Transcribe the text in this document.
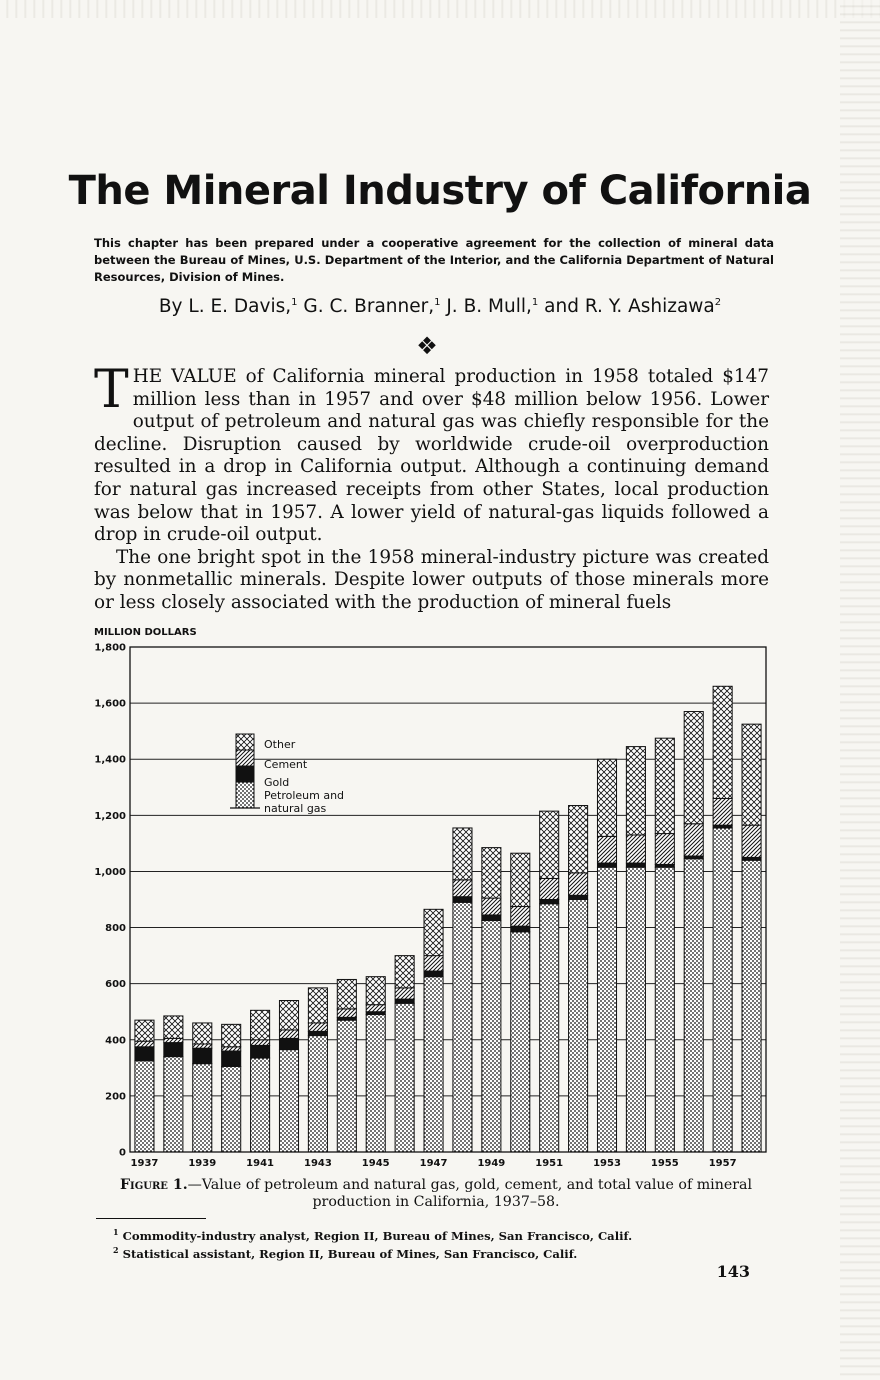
The Mineral Industry of California
This chapter has been prepared under a cooperative agreement for the collection of mineral data between the Bureau of Mines, U.S. Department of the Interior, and the California Department of Natural Resources, Division of Mines.
By L. E. Davis,$^1$ G. C. Branner,$^1$ J. B. Mull,$^1$ and R. Y. Ashizawa$^2$
❖

THE VALUE of California mineral production in 1958 totaled $147 million less than in 1957 and over $48 million below 1956. Lower output of petroleum and natural gas was chiefly responsible for the decline. Disruption caused by worldwide crude-oil overproduction resulted in a drop in California output. Although a continuing demand for natural gas increased receipts from other States, local production was below that in 1957. A lower yield of natural-gas liquids followed a drop in crude-oil output.

The one bright spot in the 1958 mineral-industry picture was created by nonmetallic minerals. Despite lower outputs of those minerals more or less closely associated with the production of mineral fuels

MILLION DOLLARS
0
200
400
600
800
1,000
1,200
1,400
1,600
1,800
1937	1939	1941	1943	1945	1947	1949	1951	1953	1955	1957
Other
Cement
Gold
Petroleum and
natural gas
Figure 1.—Value of petroleum and natural gas, gold, cement, and total value of mineral production in California, 1937–58.
$^1$ Commodity-industry analyst, Region II, Bureau of Mines, San Francisco, Calif.
$^2$ Statistical assistant, Region II, Bureau of Mines, San Francisco, Calif.
143
